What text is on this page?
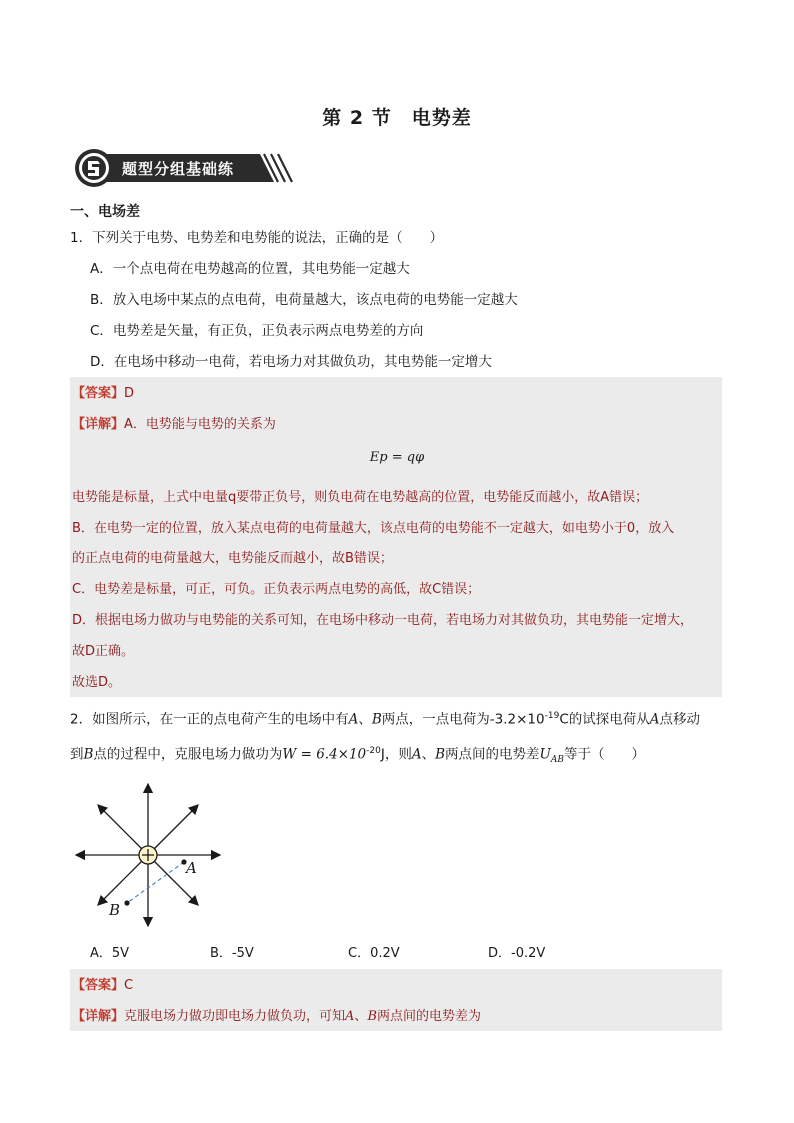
第 2 节　电势差
题型分组基础练
一、电场差
1．下列关于电势、电势差和电势能的说法，正确的是（　　）
A．一个点电荷在电势越高的位置，其电势能一定越大
B．放入电场中某点的点电荷，电荷量越大，该点电荷的电势能一定越大
C．电势差是矢量，有正负，正负表示两点电势差的方向
D．在电场中移动一电荷，若电场力对其做负功，其电势能一定增大
【答案】D
【详解】A．电势能与电势的关系为
Ep = qφ
电势能是标量，上式中电量q要带正负号，则负电荷在电势越高的位置，电势能反而越小，故A错误；
B．在电势一定的位置，放入某点电荷的电荷量越大，该点电荷的电势能不一定越大，如电势小于0，放入
的正点电荷的电荷量越大，电势能反而越小，故B错误；
C．电势差是标量，可正，可负。正负表示两点电势的高低，故C错误；
D．根据电场力做功与电势能的关系可知，在电场中移动一电荷，若电场力对其做负功，其电势能一定增大，
故D正确。
故选D。
2．如图所示，在一正的点电荷产生的电场中有A、B两点，一点电荷为$-3.2\times 10^{-19}C$的试探电荷从A点移动
到B点的过程中，克服电场力做功为$W = 6.4\times 10^{-20}J$，则A、B两点间的电势差$U_{AB}$等于（　　）
A
B
A．5V	B．-5V	C．0.2V	D．-0.2V
【答案】C
【详解】克服电场力做功即电场力做负功，可知A、B两点间的电势差为
